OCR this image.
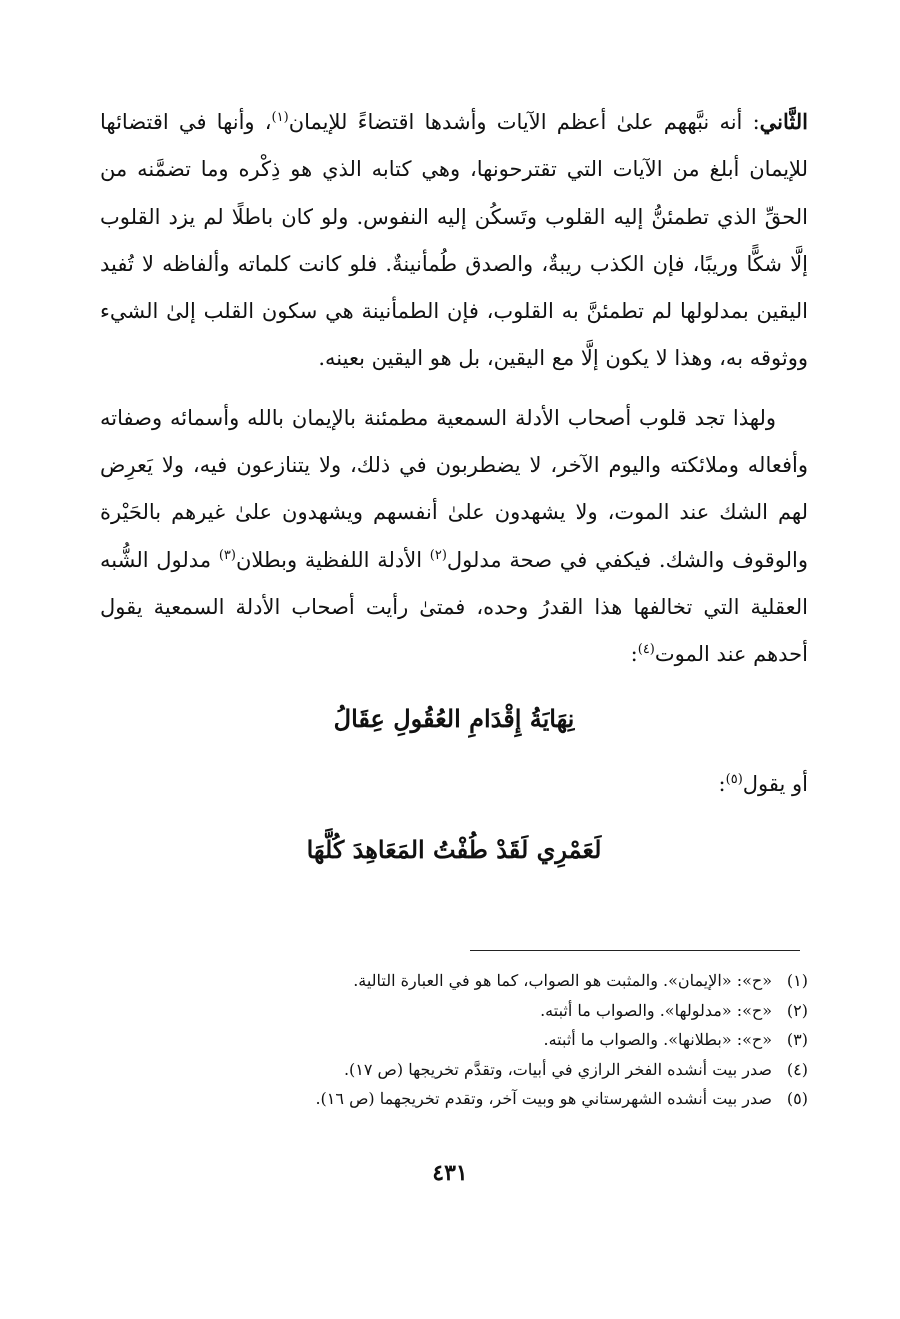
الثَّاني: أنه نبَّههم علىٰ أعظم الآيات وأشدها اقتضاءً للإيمان$^{(١)}$، وأنها في اقتضائها للإيمان أبلغ من الآيات التي تقترحونها، وهي كتابه الذي هو ذِكْره وما تضمَّنه من الحقِّ الذي تطمئنُّ إليه القلوب وتَسكُن إليه النفوس. ولو كان باطلًا لم يزد القلوب إلَّا شكًّا وريبًا، فإن الكذب ريبةٌ، والصدق طُمأنينةٌ. فلو كانت كلماته وألفاظه لا تُفيد اليقين بمدلولها لم تطمئنَّ به القلوب، فإن الطمأنينة هي سكون القلب إلىٰ الشيء ووثوقه به، وهذا لا يكون إلَّا مع اليقين، بل هو اليقين بعينه.

ولهذا تجد قلوب أصحاب الأدلة السمعية مطمئنة بالإيمان بالله وأسمائه وصفاته وأفعاله وملائكته واليوم الآخر، لا يضطربون في ذلك، ولا يتنازعون فيه، ولا يَعرِض لهم الشك عند الموت، ولا يشهدون علىٰ أنفسهم ويشهدون علىٰ غيرهم بالحَيْرة والوقوف والشك. فيكفي في صحة مدلول$^{(٢)}$ الأدلة اللفظية وبطلان$^{(٣)}$ مدلول الشُّبه العقلية التي تخالفها هذا القدرُ وحده، فمتىٰ رأيت أصحاب الأدلة السمعية يقول أحدهم عند الموت$^{(٤)}$:

نِهَايَةُ إِقْدَامِ العُقُولِ عِقَالُ

أو يقول$^{(٥)}$:

لَعَمْرِي لَقَدْ طُفْتُ المَعَاهِدَ كُلَّهَا
(١)«ح»: «الإيمان». والمثبت هو الصواب، كما هو في العبارة التالية.
(٢)«ح»: «مدلولها». والصواب ما أثبته.
(٣)«ح»: «بطلانها». والصواب ما أثبته.
(٤)صدر بيت أنشده الفخر الرازي في أبيات، وتقدَّم تخريجها (ص ١٧).
(٥)صدر بيت أنشده الشهرستاني هو وبيت آخر، وتقدم تخريجهما (ص ١٦).
٤٣١
